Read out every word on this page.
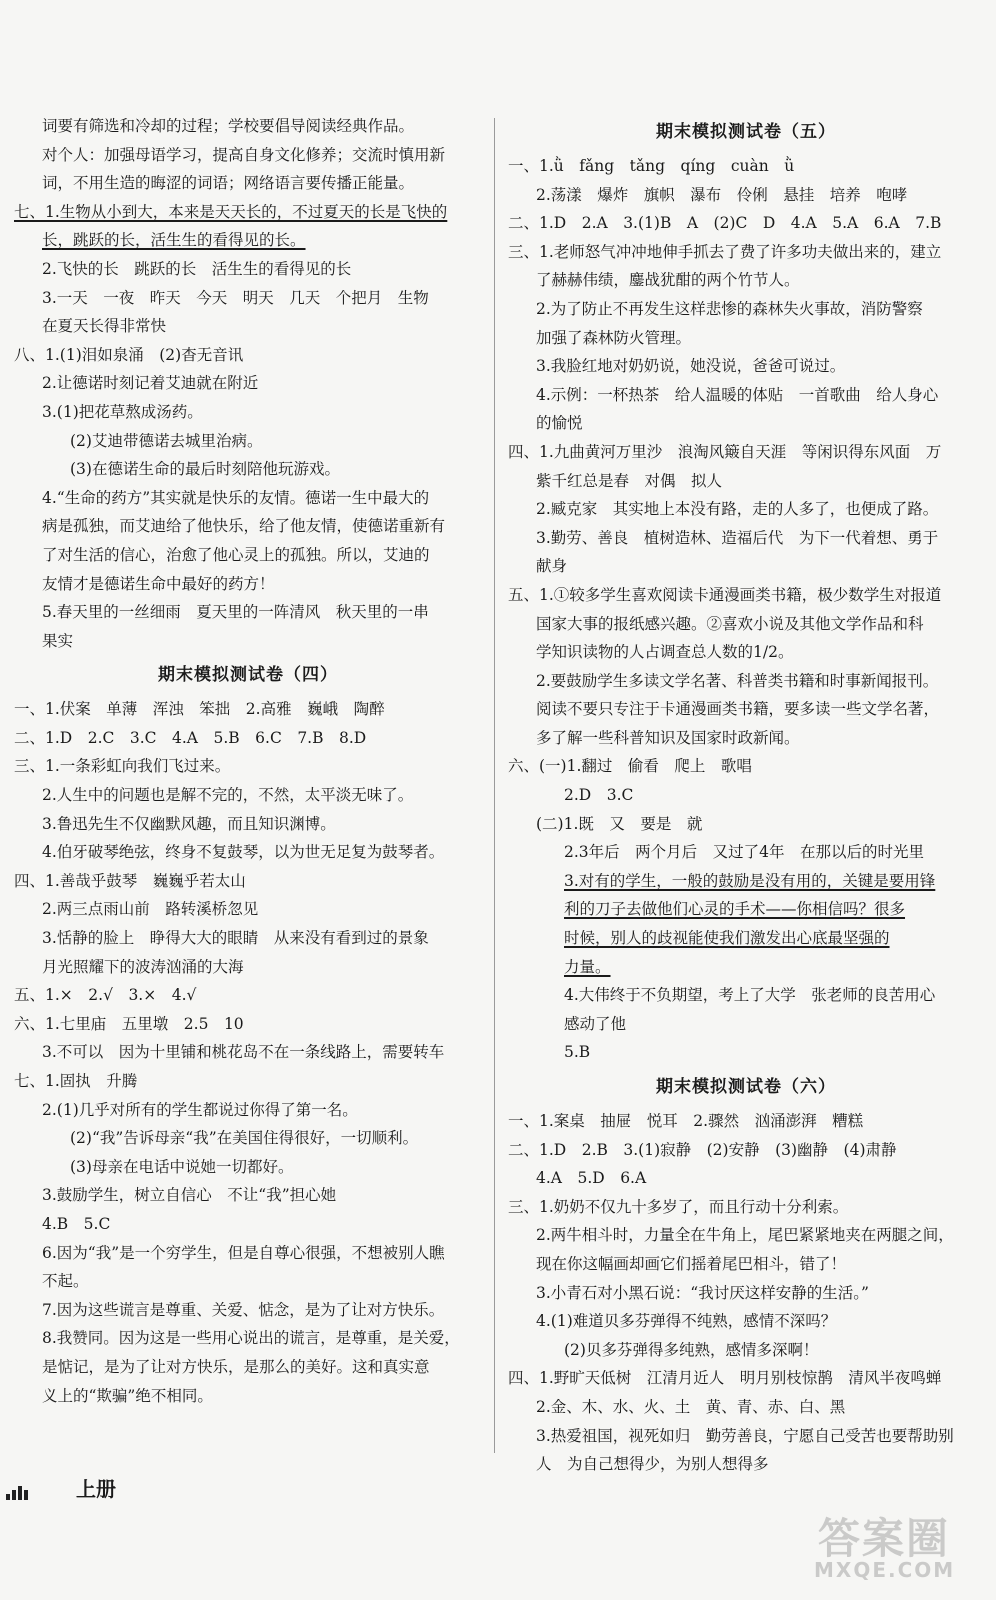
词要有筛选和冷却的过程；学校要倡导阅读经典作品。
对个人：加强母语学习，提高自身文化修养；交流时慎用新
词，不用生造的晦涩的词语；网络语言要传播正能量。
七、1.生物从小到大，本来是天天长的，不过夏天的长是飞快的
长，跳跃的长，活生生的看得见的长。
2.飞快的长　跳跃的长　活生生的看得见的长
3.一天　一夜　昨天　今天　明天　几天　个把月　生物
在夏天长得非常快
八、1.(1)泪如泉涌　(2)杳无音讯
2.让德诺时刻记着艾迪就在附近
3.(1)把花草熬成汤药。
(2)艾迪带德诺去城里治病。
(3)在德诺生命的最后时刻陪他玩游戏。
4.“生命的药方”其实就是快乐的友情。德诺一生中最大的
病是孤独，而艾迪给了他快乐，给了他友情，使德诺重新有
了对生活的信心，治愈了他心灵上的孤独。所以，艾迪的
友情才是德诺生命中最好的药方！
5.春天里的一丝细雨　夏天里的一阵清风　秋天里的一串
果实
期末模拟测试卷（四）
一、1.伏案　单薄　浑浊　笨拙　2.高雅　巍峨　陶醉
二、1.D　2.C　3.C　4.A　5.B　6.C　7.B　8.D
三、1.一条彩虹向我们飞过来。
2.人生中的问题也是解不完的，不然，太平淡无味了。
3.鲁迅先生不仅幽默风趣，而且知识渊博。
4.伯牙破琴绝弦，终身不复鼓琴，以为世无足复为鼓琴者。
四、1.善哉乎鼓琴　巍巍乎若太山
2.两三点雨山前　路转溪桥忽见
3.恬静的脸上　睁得大大的眼睛　从来没有看到过的景象
月光照耀下的波涛汹涌的大海
五、1.×　2.√　3.×　4.√
六、1.七里庙　五里墩　2.5　10
3.不可以　因为十里铺和桃花岛不在一条线路上，需要转车
七、1.固执　升腾
2.(1)几乎对所有的学生都说过你得了第一名。
(2)“我”告诉母亲“我”在美国住得很好，一切顺利。
(3)母亲在电话中说她一切都好。
3.鼓励学生，树立自信心　不让“我”担心她
4.B　5.C
6.因为“我”是一个穷学生，但是自尊心很强，不想被别人瞧
不起。
7.因为这些谎言是尊重、关爱、惦念，是为了让对方快乐。
8.我赞同。因为这是一些用心说出的谎言，是尊重，是关爱，
是惦记，是为了让对方快乐，是那么的美好。这和真实意
义上的“欺骗”绝不相同。
期末模拟测试卷（五）
一、1.ǜ　fǎng　tǎng　qíng　cuàn　ǜ
2.荡漾　爆炸　旗帜　瀑布　伶俐　悬挂　培养　咆哮
二、1.D　2.A　3.(1)B　A　(2)C　D　4.A　5.A　6.A　7.B
三、1.老师怒气冲冲地伸手抓去了费了许多功夫做出来的，建立
了赫赫伟绩，鏖战犹酣的两个竹节人。
2.为了防止不再发生这样悲惨的森林失火事故，消防警察
加强了森林防火管理。
3.我脸红地对奶奶说，她没说，爸爸可说过。
4.示例：一杯热茶　给人温暖的体贴　一首歌曲　给人身心
的愉悦
四、1.九曲黄河万里沙　浪淘风簸自天涯　等闲识得东风面　万
紫千红总是春　对偶　拟人
2.臧克家　其实地上本没有路，走的人多了，也便成了路。
3.勤劳、善良　植树造林、造福后代　为下一代着想、勇于
献身
五、1.①较多学生喜欢阅读卡通漫画类书籍，极少数学生对报道
国家大事的报纸感兴趣。②喜欢小说及其他文学作品和科
学知识读物的人占调查总人数的1/2。
2.要鼓励学生多读文学名著、科普类书籍和时事新闻报刊。
阅读不要只专注于卡通漫画类书籍，要多读一些文学名著，
多了解一些科普知识及国家时政新闻。
六、(一)1.翻过　偷看　爬上　歌唱
2.D　3.C
(二)1.既　又　要是　就
2.3年后　两个月后　又过了4年　在那以后的时光里
3.对有的学生，一般的鼓励是没有用的，关键是要用锋
利的刀子去做他们心灵的手术——你相信吗？很多
时候，别人的歧视能使我们激发出心底最坚强的
力量。
4.大伟终于不负期望，考上了大学　张老师的良苦用心
感动了他
5.B
期末模拟测试卷（六）
一、1.案桌　抽屉　悦耳　2.骤然　汹涌澎湃　糟糕
二、1.D　2.B　3.(1)寂静　(2)安静　(3)幽静　(4)肃静
4.A　5.D　6.A
三、1.奶奶不仅九十多岁了，而且行动十分利索。
2.两牛相斗时，力量全在牛角上，尾巴紧紧地夹在两腿之间，
现在你这幅画却画它们摇着尾巴相斗，错了！
3.小青石对小黑石说：“我讨厌这样安静的生活。”
4.(1)难道贝多芬弹得不纯熟，感情不深吗？
(2)贝多芬弹得多纯熟，感情多深啊！
四、1.野旷天低树　江清月近人　明月别枝惊鹊　清风半夜鸣蝉
2.金、木、水、火、土　黄、青、赤、白、黑
3.热爱祖国，视死如归　勤劳善良，宁愿自己受苦也要帮助别
人　为自己想得少，为别人想得多
上册
答案圈
MXQE.COM
